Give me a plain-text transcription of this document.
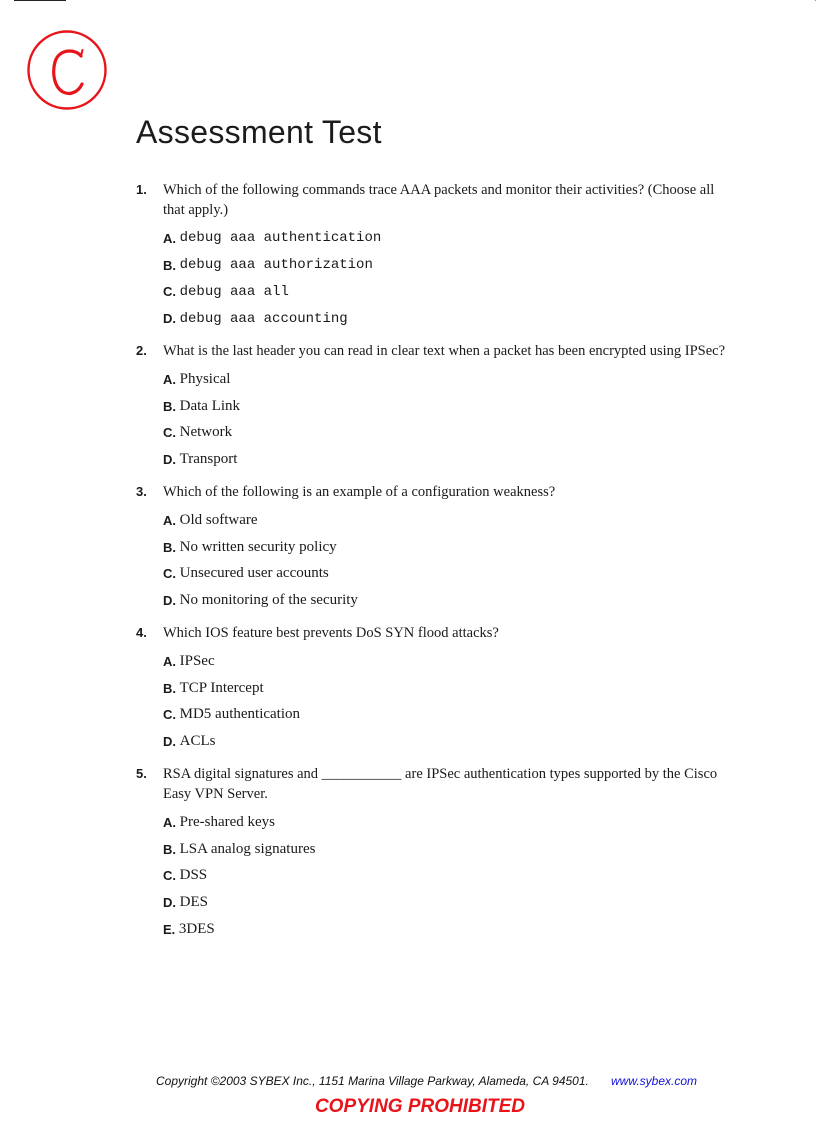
Assessment Test
1.	Which of the following commands trace AAA packets and monitor their activities? (Choose all that apply.)
A.
debug aaa authentication
B.
debug aaa authorization
C.
debug aaa all
D.
debug aaa accounting
2.	What is the last header you can read in clear text when a packet has been encrypted using IPSec?
A.
Physical
B.
Data Link
C.
Network
D.
Transport
3.	Which of the following is an example of a configuration weakness?
A.
Old software
B.
No written security policy
C.
Unsecured user accounts
D.
No monitoring of the security
4.	Which IOS feature best prevents DoS SYN flood attacks?
A.
IPSec
B.
TCP Intercept
C.
MD5 authentication
D.
ACLs
5.	RSA digital signatures and ___________ are IPSec authentication types supported by the Cisco Easy VPN Server.
A.
Pre-shared keys
B.
LSA analog signatures
C.
DSS
D.
DES
E.
3DES
Copyright ©2003 SYBEX Inc., 1151 Marina Village Parkway, Alameda, CA 94501. www.sybex.com
COPYING PROHIBITED
